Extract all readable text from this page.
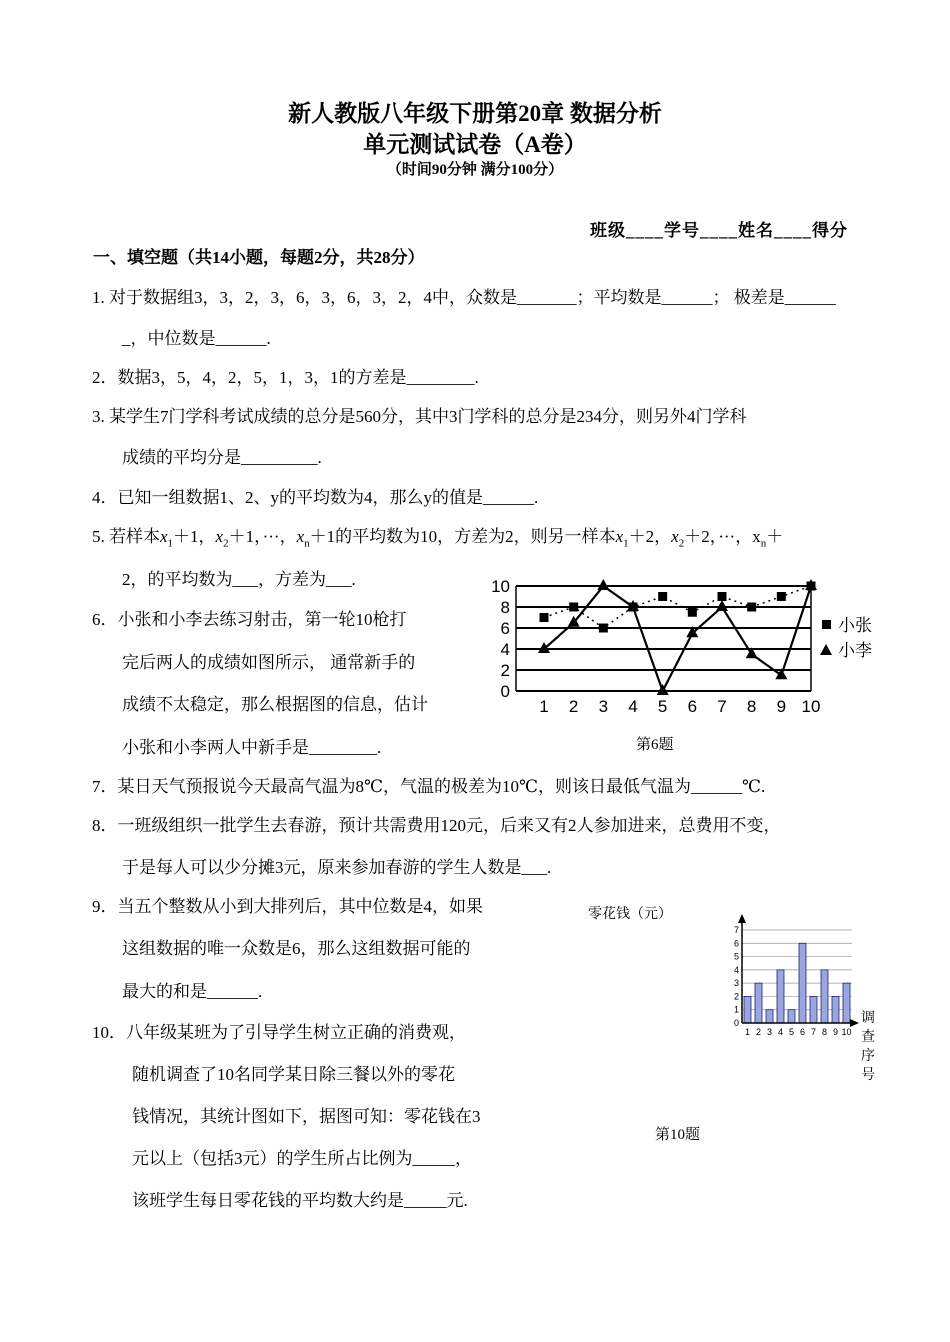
新人教版八年级下册第20章 数据分析
单元测试试卷（A卷）
（时间90分钟 满分100分）
班级____学号____姓名____得分
一、填空题（共14小题，每题2分，共28分）
1. 对于数据组3，3，2，3，6，3，6，3，2，4中，众数是_______；平均数是______； 极差是______
_，中位数是______.
2．数据3，5，4，2，5，1，3，1的方差是________.
3. 某学生7门学科考试成绩的总分是560分，其中3门学科的总分是234分，则另外4门学科
成绩的平均分是_________.
4．已知一组数据1、2、y的平均数为4，那么y的值是______.
5. 若样本$x_1+1$，$x_2+1$，···，$x_n+1$的平均数为10，方差为2，则另一样本$x_1+2$，$x_2+2$，···，$x_n+$
2，的平均数为___，方差为___.
6．小张和小李去练习射击，第一轮10枪打
完后两人的成绩如图所示， 通常新手的
成绩不太稳定，那么根据图的信息，估计
小张和小李两人中新手是________.
0
2
4
6
8
10
1 2 3 4 5 6 7 8 9 10
小张
小李
第6题
7．某日天气预报说今天最高气温为8℃，气温的极差为10℃，则该日最低气温为______℃.
8．一班级组织一批学生去春游，预计共需费用120元，后来又有2人参加进来，总费用不变，
于是每人可以少分摊3元，原来参加春游的学生人数是___.
9．当五个整数从小到大排列后，其中位数是4，如果
这组数据的唯一众数是6，那么这组数据可能的
最大的和是______.
10．八年级某班为了引导学生树立正确的消费观，
随机调查了10名同学某日除三餐以外的零花
钱情况，其统计图如下，据图可知：零花钱在3
元以上（包括3元）的学生所占比例为_____，
该班学生每日零花钱的平均数大约是_____元.
零花钱（元）
0
1
2
3
4
5
6
7
1 2 3 4 5 6 7 8 9 10
调
查
序
号
第10题
